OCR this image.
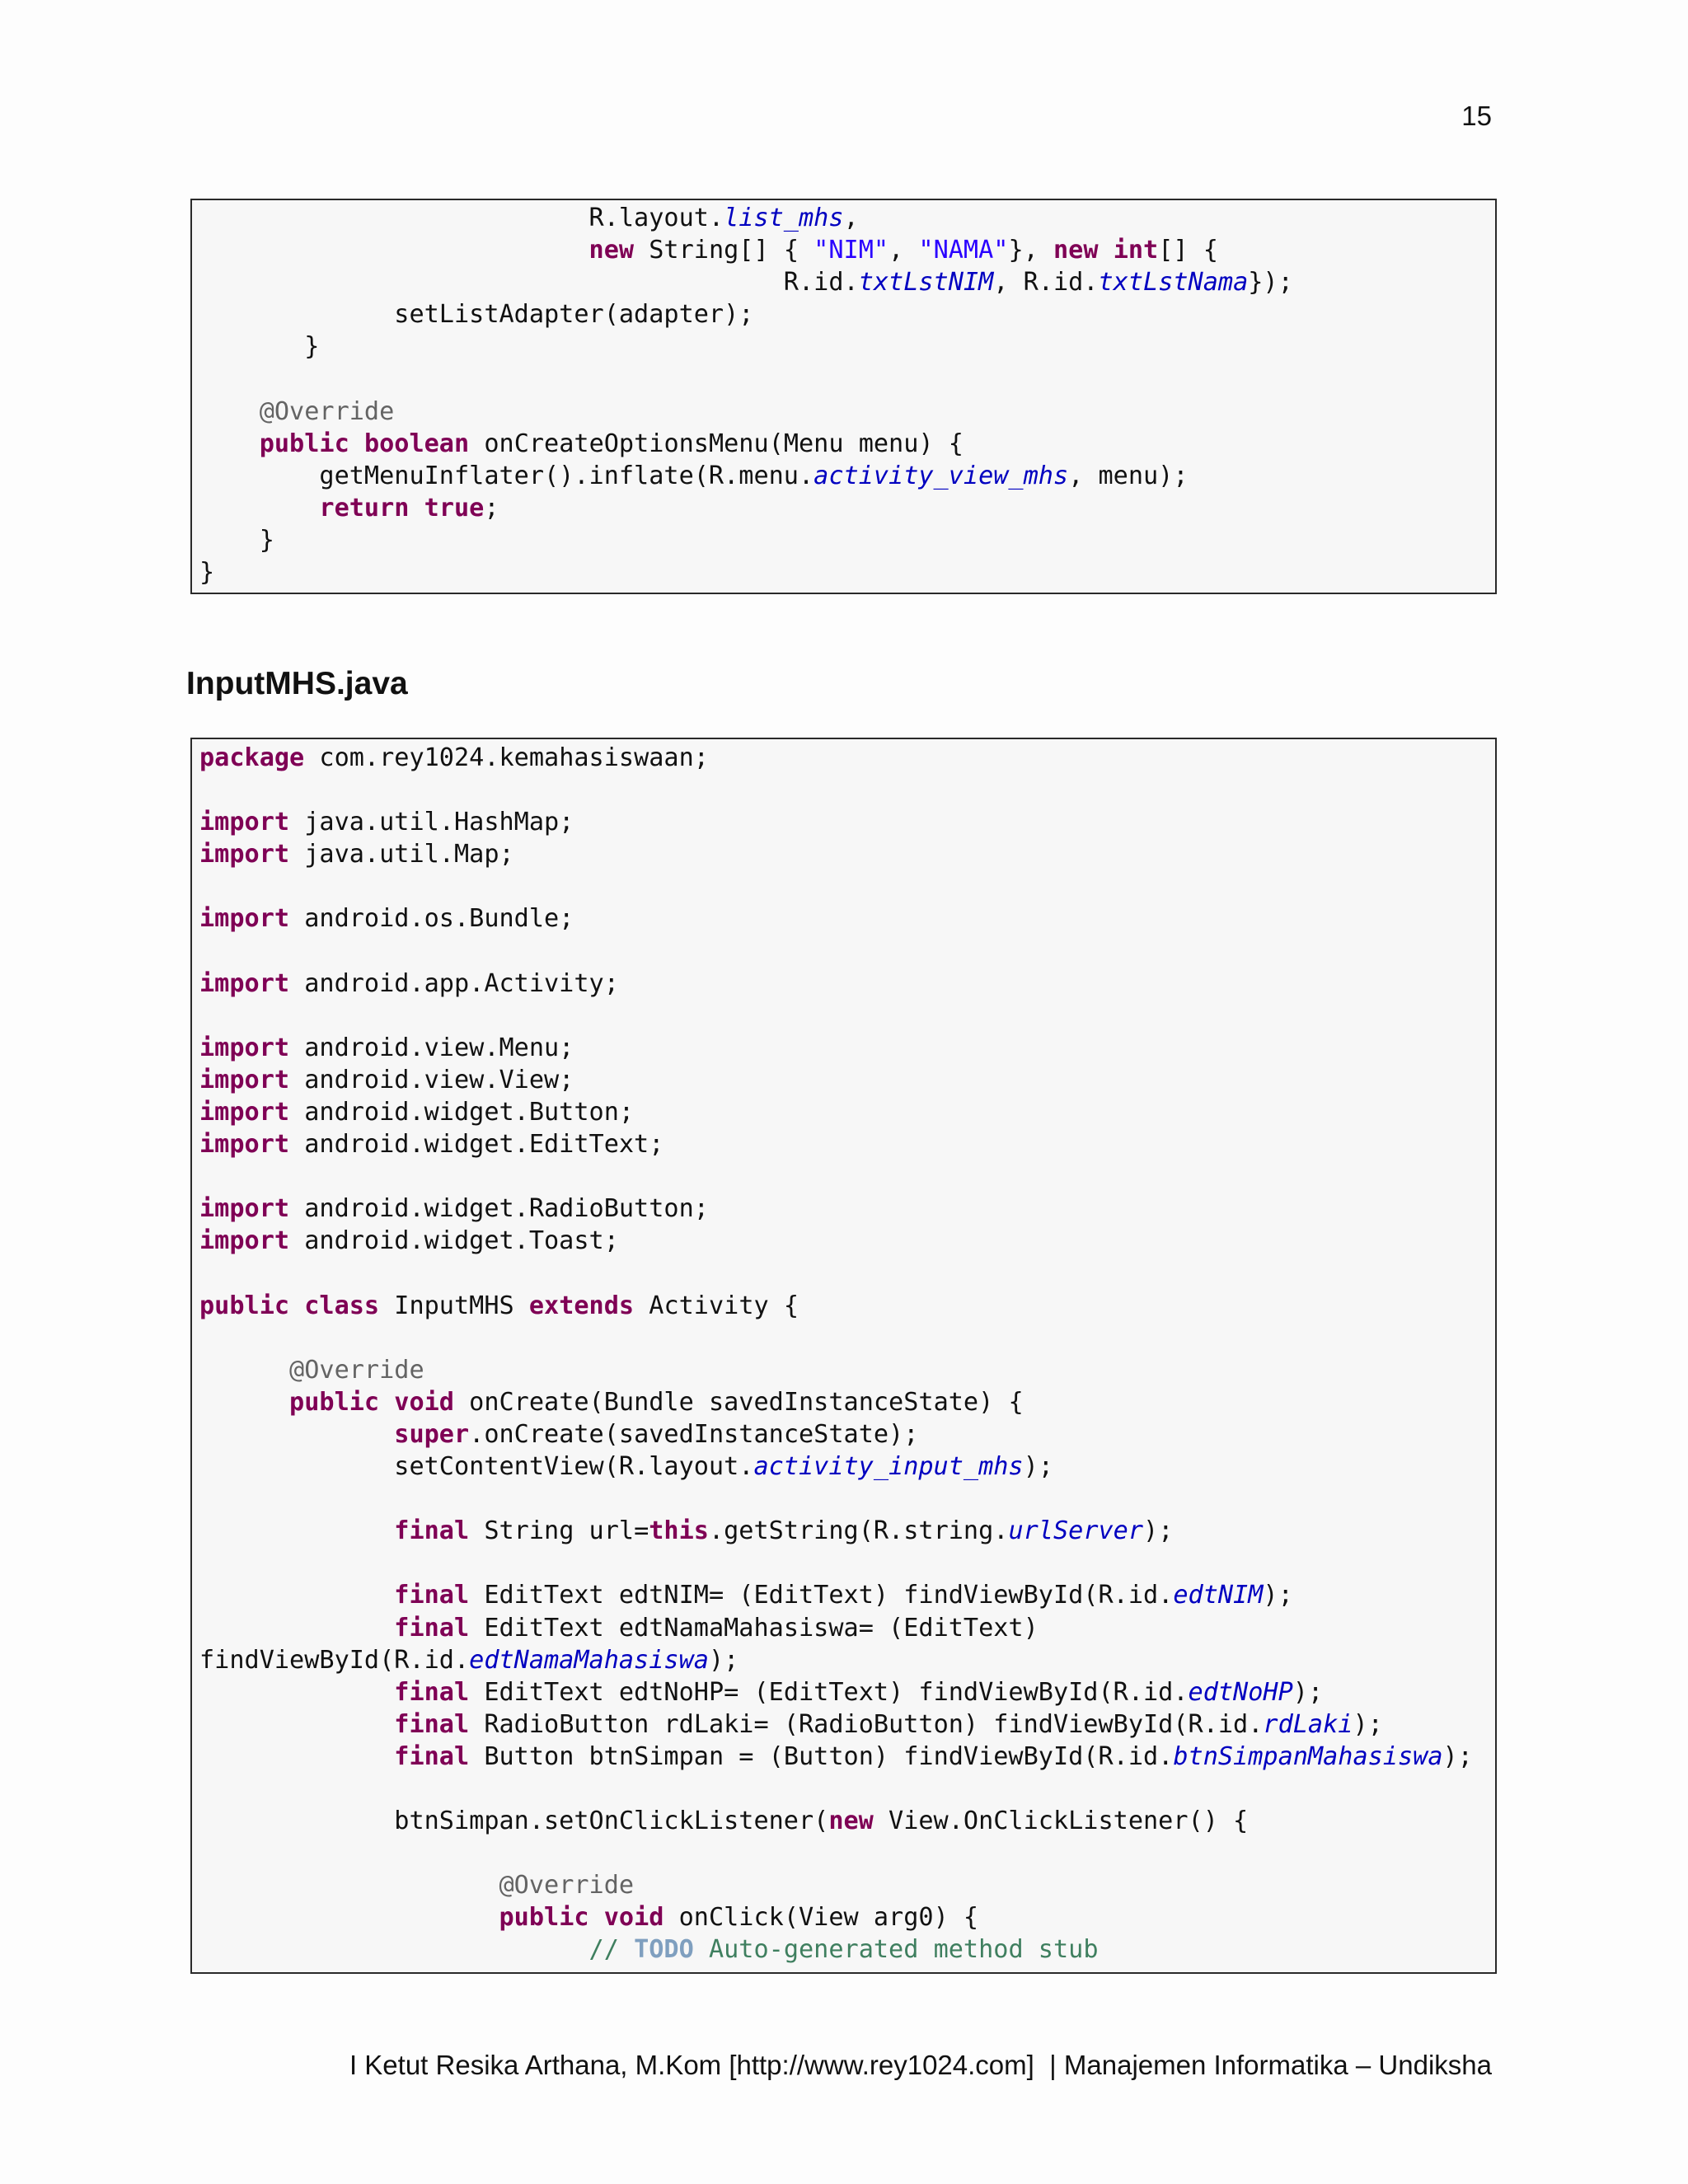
15
R.layout.list_mhs,
new String[] { "NIM", "NAMA"}, new int[] {
R.id.txtLstNIM, R.id.txtLstNama});
setListAdapter(adapter);
}
@Override
public boolean onCreateOptionsMenu(Menu menu) {
getMenuInflater().inflate(R.menu.activity_view_mhs, menu);
return true;
}
}
InputMHS.java
package com.rey1024.kemahasiswaan;
import java.util.HashMap;
import java.util.Map;
import android.os.Bundle;
import android.app.Activity;
import android.view.Menu;
import android.view.View;
import android.widget.Button;
import android.widget.EditText;
import android.widget.RadioButton;
import android.widget.Toast;
public class InputMHS extends Activity {
@Override
public void onCreate(Bundle savedInstanceState) {
super.onCreate(savedInstanceState);
setContentView(R.layout.activity_input_mhs);
final String url=this.getString(R.string.urlServer);
final EditText edtNIM= (EditText) findViewById(R.id.edtNIM);
final EditText edtNamaMahasiswa= (EditText)
findViewById(R.id.edtNamaMahasiswa);
final EditText edtNoHP= (EditText) findViewById(R.id.edtNoHP);
final RadioButton rdLaki= (RadioButton) findViewById(R.id.rdLaki);
final Button btnSimpan = (Button) findViewById(R.id.btnSimpanMahasiswa);
btnSimpan.setOnClickListener(new View.OnClickListener() {
@Override
public void onClick(View arg0) {
// TODO Auto-generated method stub
I Ketut Resika Arthana, M.Kom [http://www.rey1024.com]  | Manajemen Informatika – Undiksha
